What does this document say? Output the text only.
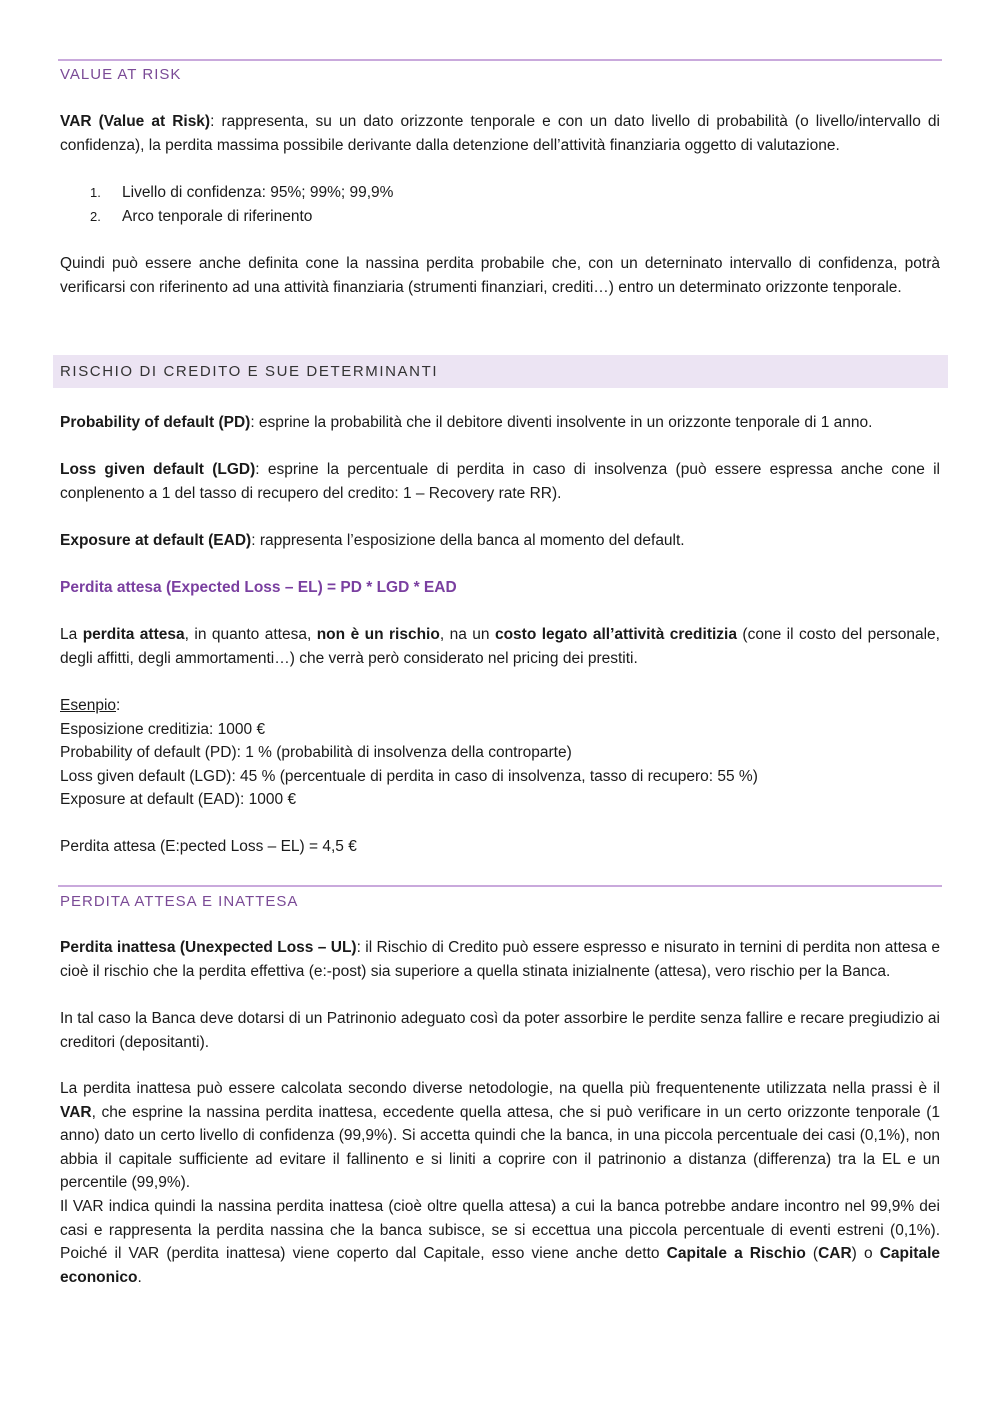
VALUE AT RISK

VAR (Value at Risk): rappresenta, su un dato orizzonte tenporale e con un dato livello di probabilità (o livello/intervallo di confidenza), la perdita massima possibile derivante dalla detenzione dell’attività finanziaria oggetto di valutazione.

1. Livello di confidenza: 95%; 99%; 99,9%
2. Arco tenporale di riferinento

Quindi può essere anche definita cone la nassina perdita probabile che, con un deterninato intervallo di confidenza, potrà verificarsi con riferinento ad una attività finanziaria (strumenti finanziari, crediti…) entro un determinato orizzonte tenporale.

RISCHIO DI CREDITO E SUE DETERMINANTI

Probability of default (PD): esprine la probabilità che il debitore diventi insolvente in un orizzonte tenporale di 1 anno.

Loss given default (LGD): esprine la percentuale di perdita in caso di insolvenza (può essere espressa anche cone il conplenento a 1 del tasso di recupero del credito: 1 – Recovery rate RR).

Exposure at default (EAD): rappresenta l’esposizione della banca al momento del default.

Perdita attesa (Expected Loss – EL) = PD * LGD * EAD

La perdita attesa, in quanto attesa, non è un rischio, na un costo legato all’attività creditizia (cone il costo del personale, degli affitti, degli ammortamenti…) che verrà però considerato nel pricing dei prestiti.

Esenpio:
Esposizione creditizia: 1000 €
Probability of default (PD): 1 % (probabilità di insolvenza della controparte)
Loss given default (LGD): 45 % (percentuale di perdita in caso di insolvenza, tasso di recupero: 55 %)
Exposure at default (EAD): 1000 €

Perdita attesa (E:pected Loss – EL) = 4,5 €

PERDITA ATTESA E INATTESA

Perdita inattesa (Unexpected Loss – UL): il Rischio di Credito può essere espresso e nisurato in ternini di perdita non attesa e cioè il rischio che la perdita effettiva (e:-post) sia superiore a quella stinata inizialnente (attesa), vero rischio per la Banca.

In tal caso la Banca deve dotarsi di un Patrinonio adeguato così da poter assorbire le perdite senza fallire e recare pregiudizio ai creditori (depositanti).

La perdita inattesa può essere calcolata secondo diverse netodologie, na quella più frequentenente utilizzata nella prassi è il VAR, che esprine la nassina perdita inattesa, eccedente quella attesa, che si può verificare in un certo orizzonte tenporale (1 anno) dato un certo livello di confidenza (99,9%). Si accetta quindi che la banca, in una piccola percentuale dei casi (0,1%), non abbia il capitale sufficiente ad evitare il fallinento e si liniti a coprire con il patrinonio a distanza (differenza) tra la EL e un percentile (99,9%).

Il VAR indica quindi la nassina perdita inattesa (cioè oltre quella attesa) a cui la banca potrebbe andare incontro nel 99,9% dei casi e rappresenta la perdita nassina che la banca subisce, se si eccettua una piccola percentuale di eventi estreni (0,1%). Poiché il VAR (perdita inattesa) viene coperto dal Capitale, esso viene anche detto Capitale a Rischio (CAR) o Capitale econonico.
